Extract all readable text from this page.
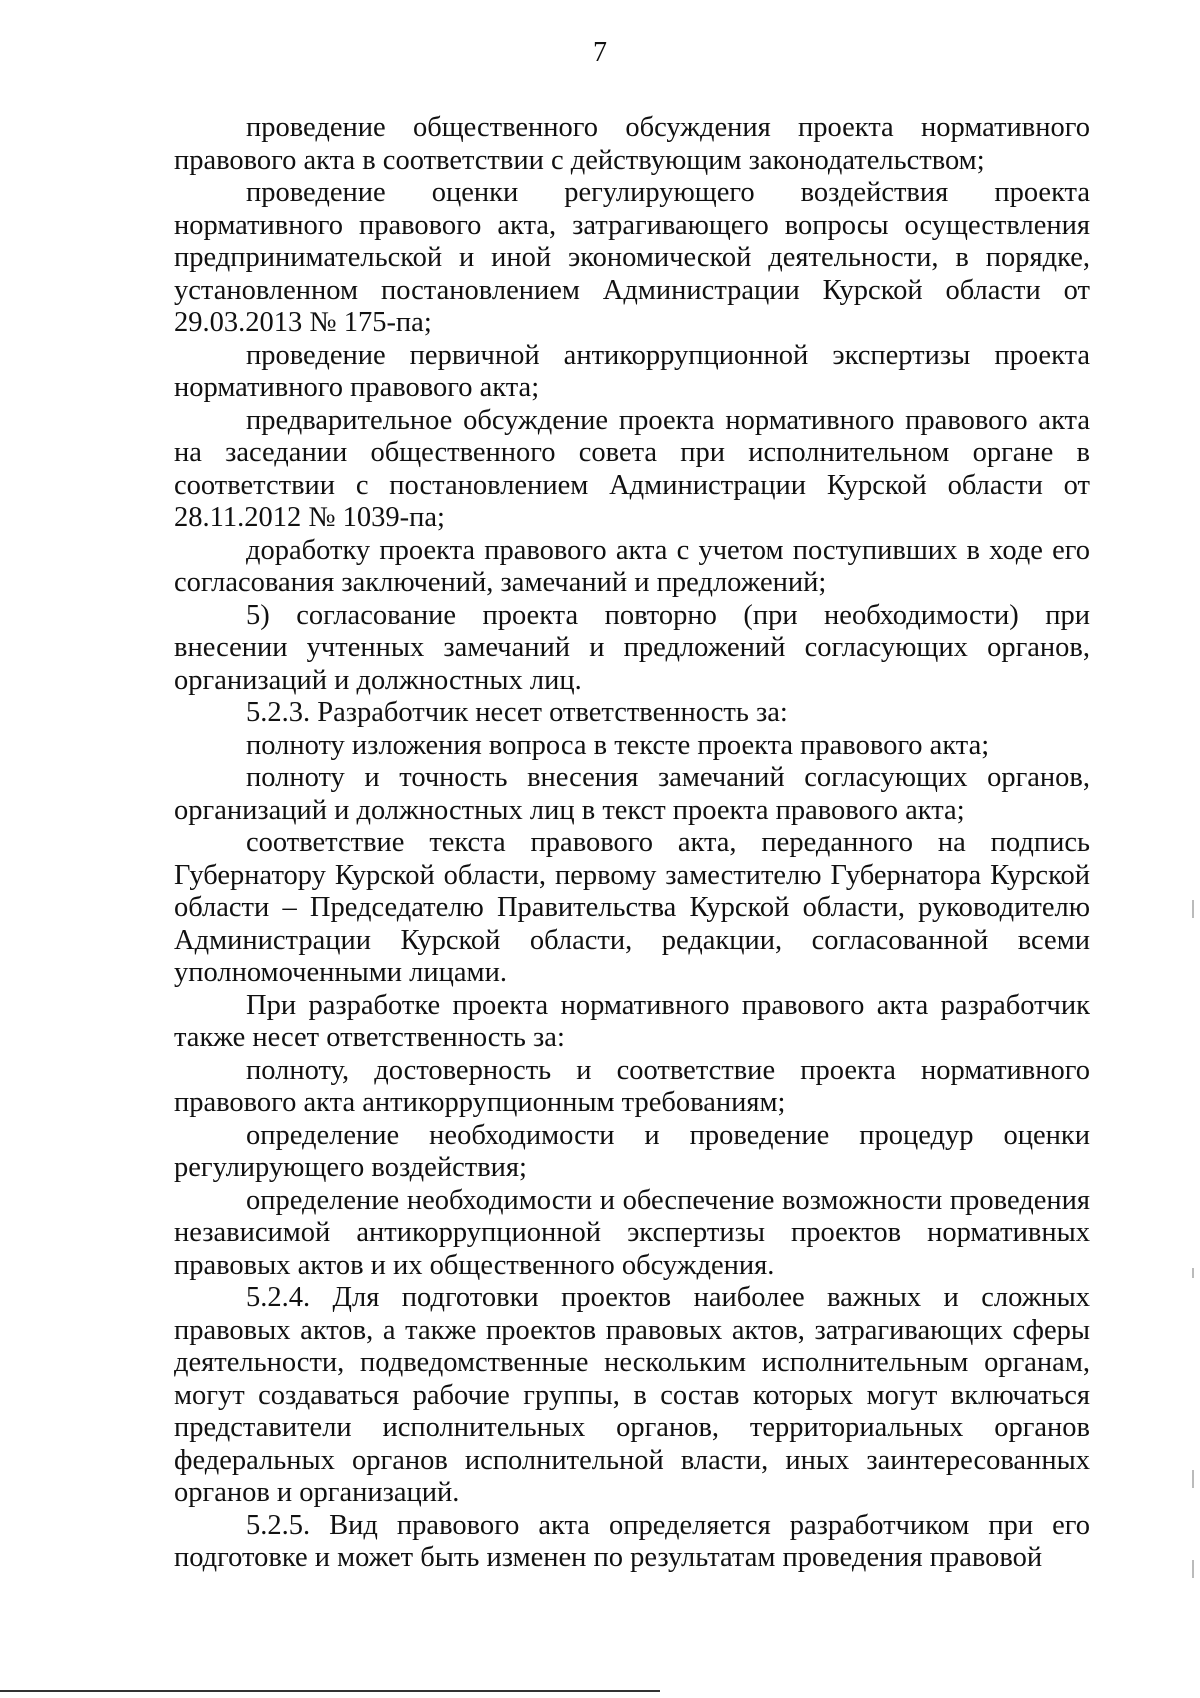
7

проведение общественного обсуждения проекта нормативного правового акта в соответствии с действующим законодательством;

проведение оценки регулирующего воздействия проекта нормативного правового акта, затрагивающего вопросы осуществления предпринимательской и иной экономической деятельности, в порядке, установленном постановлением Администрации Курской области от 29.03.2013 № 175-па;

проведение первичной антикоррупционной экспертизы проекта нормативного правового акта;

предварительное обсуждение проекта нормативного правового акта на заседании общественного совета при исполнительном органе в соответствии с постановлением Администрации Курской области от 28.11.2012 № 1039-па;

доработку проекта правового акта с учетом поступивших в ходе его согласования заключений, замечаний и предложений;

5) согласование проекта повторно (при необходимости) при внесении учтенных замечаний и предложений согласующих органов, организаций и должностных лиц.

5.2.3. Разработчик несет ответственность за:

полноту изложения вопроса в тексте проекта правового акта;

полноту и точность внесения замечаний согласующих органов, организаций и должностных лиц в текст проекта правового акта;

соответствие текста правового акта, переданного на подпись Губернатору Курской области, первому заместителю Губернатора Курской области – Председателю Правительства Курской области, руководителю Администрации Курской области, редакции, согласованной всеми уполномоченными лицами.

При разработке проекта нормативного правового акта разработчик также несет ответственность за:

полноту, достоверность и соответствие проекта нормативного правового акта антикоррупционным требованиям;

определение необходимости и проведение процедур оценки регулирующего воздействия;

определение необходимости и обеспечение возможности проведения независимой антикоррупционной экспертизы проектов нормативных правовых актов и их общественного обсуждения.

5.2.4. Для подготовки проектов наиболее важных и сложных правовых актов, а также проектов правовых актов, затрагивающих сферы деятельности, подведомственные нескольким исполнительным органам, могут создаваться рабочие группы, в состав которых могут включаться представители исполнительных органов, территориальных органов федеральных органов исполнительной власти, иных заинтересованных органов и организаций.

5.2.5. Вид правового акта определяется разработчиком при его подготовке и может быть изменен по результатам проведения правовой
